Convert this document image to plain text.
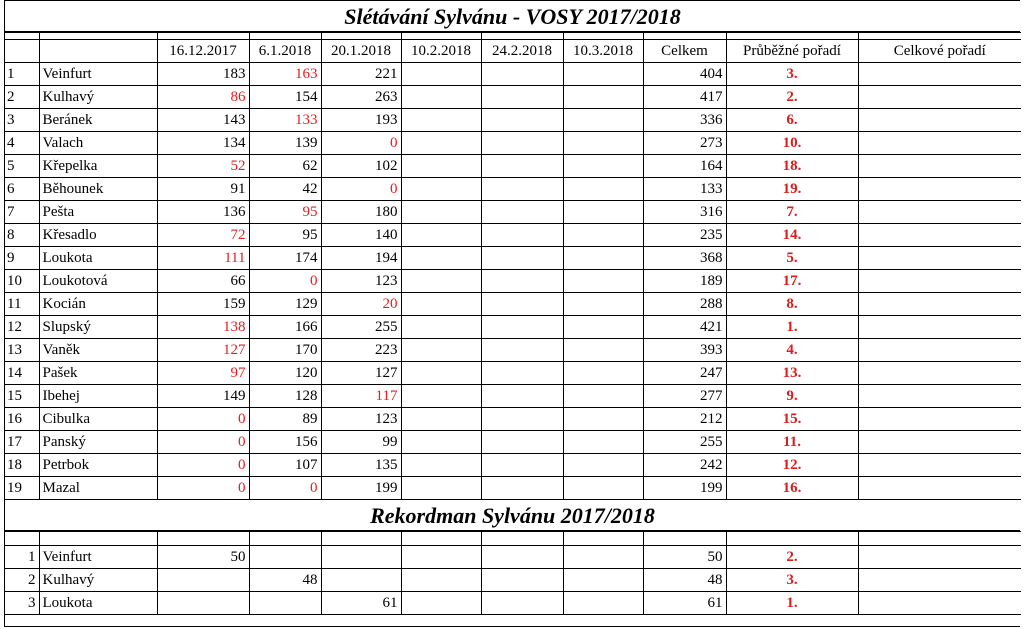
Slétávání Sylvánu - VOSY 2017/2018

		16.12.2017	6.1.2018	20.1.2018	10.2.2018	24.2.2018	10.3.2018	Celkem	Průběžné pořadí	Celkové pořadí
1	Veinfurt	183	163	221				404	3.	
2	Kulhavý	86	154	263				417	2.	
3	Beránek	143	133	193				336	6.	
4	Valach	134	139	0				273	10.	
5	Křepelka	52	62	102				164	18.	
6	Běhounek	91	42	0				133	19.	
7	Pešta	136	95	180				316	7.	
8	Křesadlo	72	95	140				235	14.	
9	Loukota	111	174	194				368	5.	
10	Loukotová	66	0	123				189	17.	
11	Kocián	159	129	20				288	8.	
12	Slupský	138	166	255				421	1.	
13	Vaněk	127	170	223				393	4.	
14	Pašek	97	120	127				247	13.	
15	Ibehej	149	128	117				277	9.	
16	Cibulka	0	89	123				212	15.	
17	Panský	0	156	99				255	11.	
18	Petrbok	0	107	135				242	12.	
19	Mazal	0	0	199				199	16.	
Rekordman Sylvánu 2017/2018

1	Veinfurt	50						50	2.	
2	Kulhavý		48					48	3.	
3	Loukota			61				61	1.	
